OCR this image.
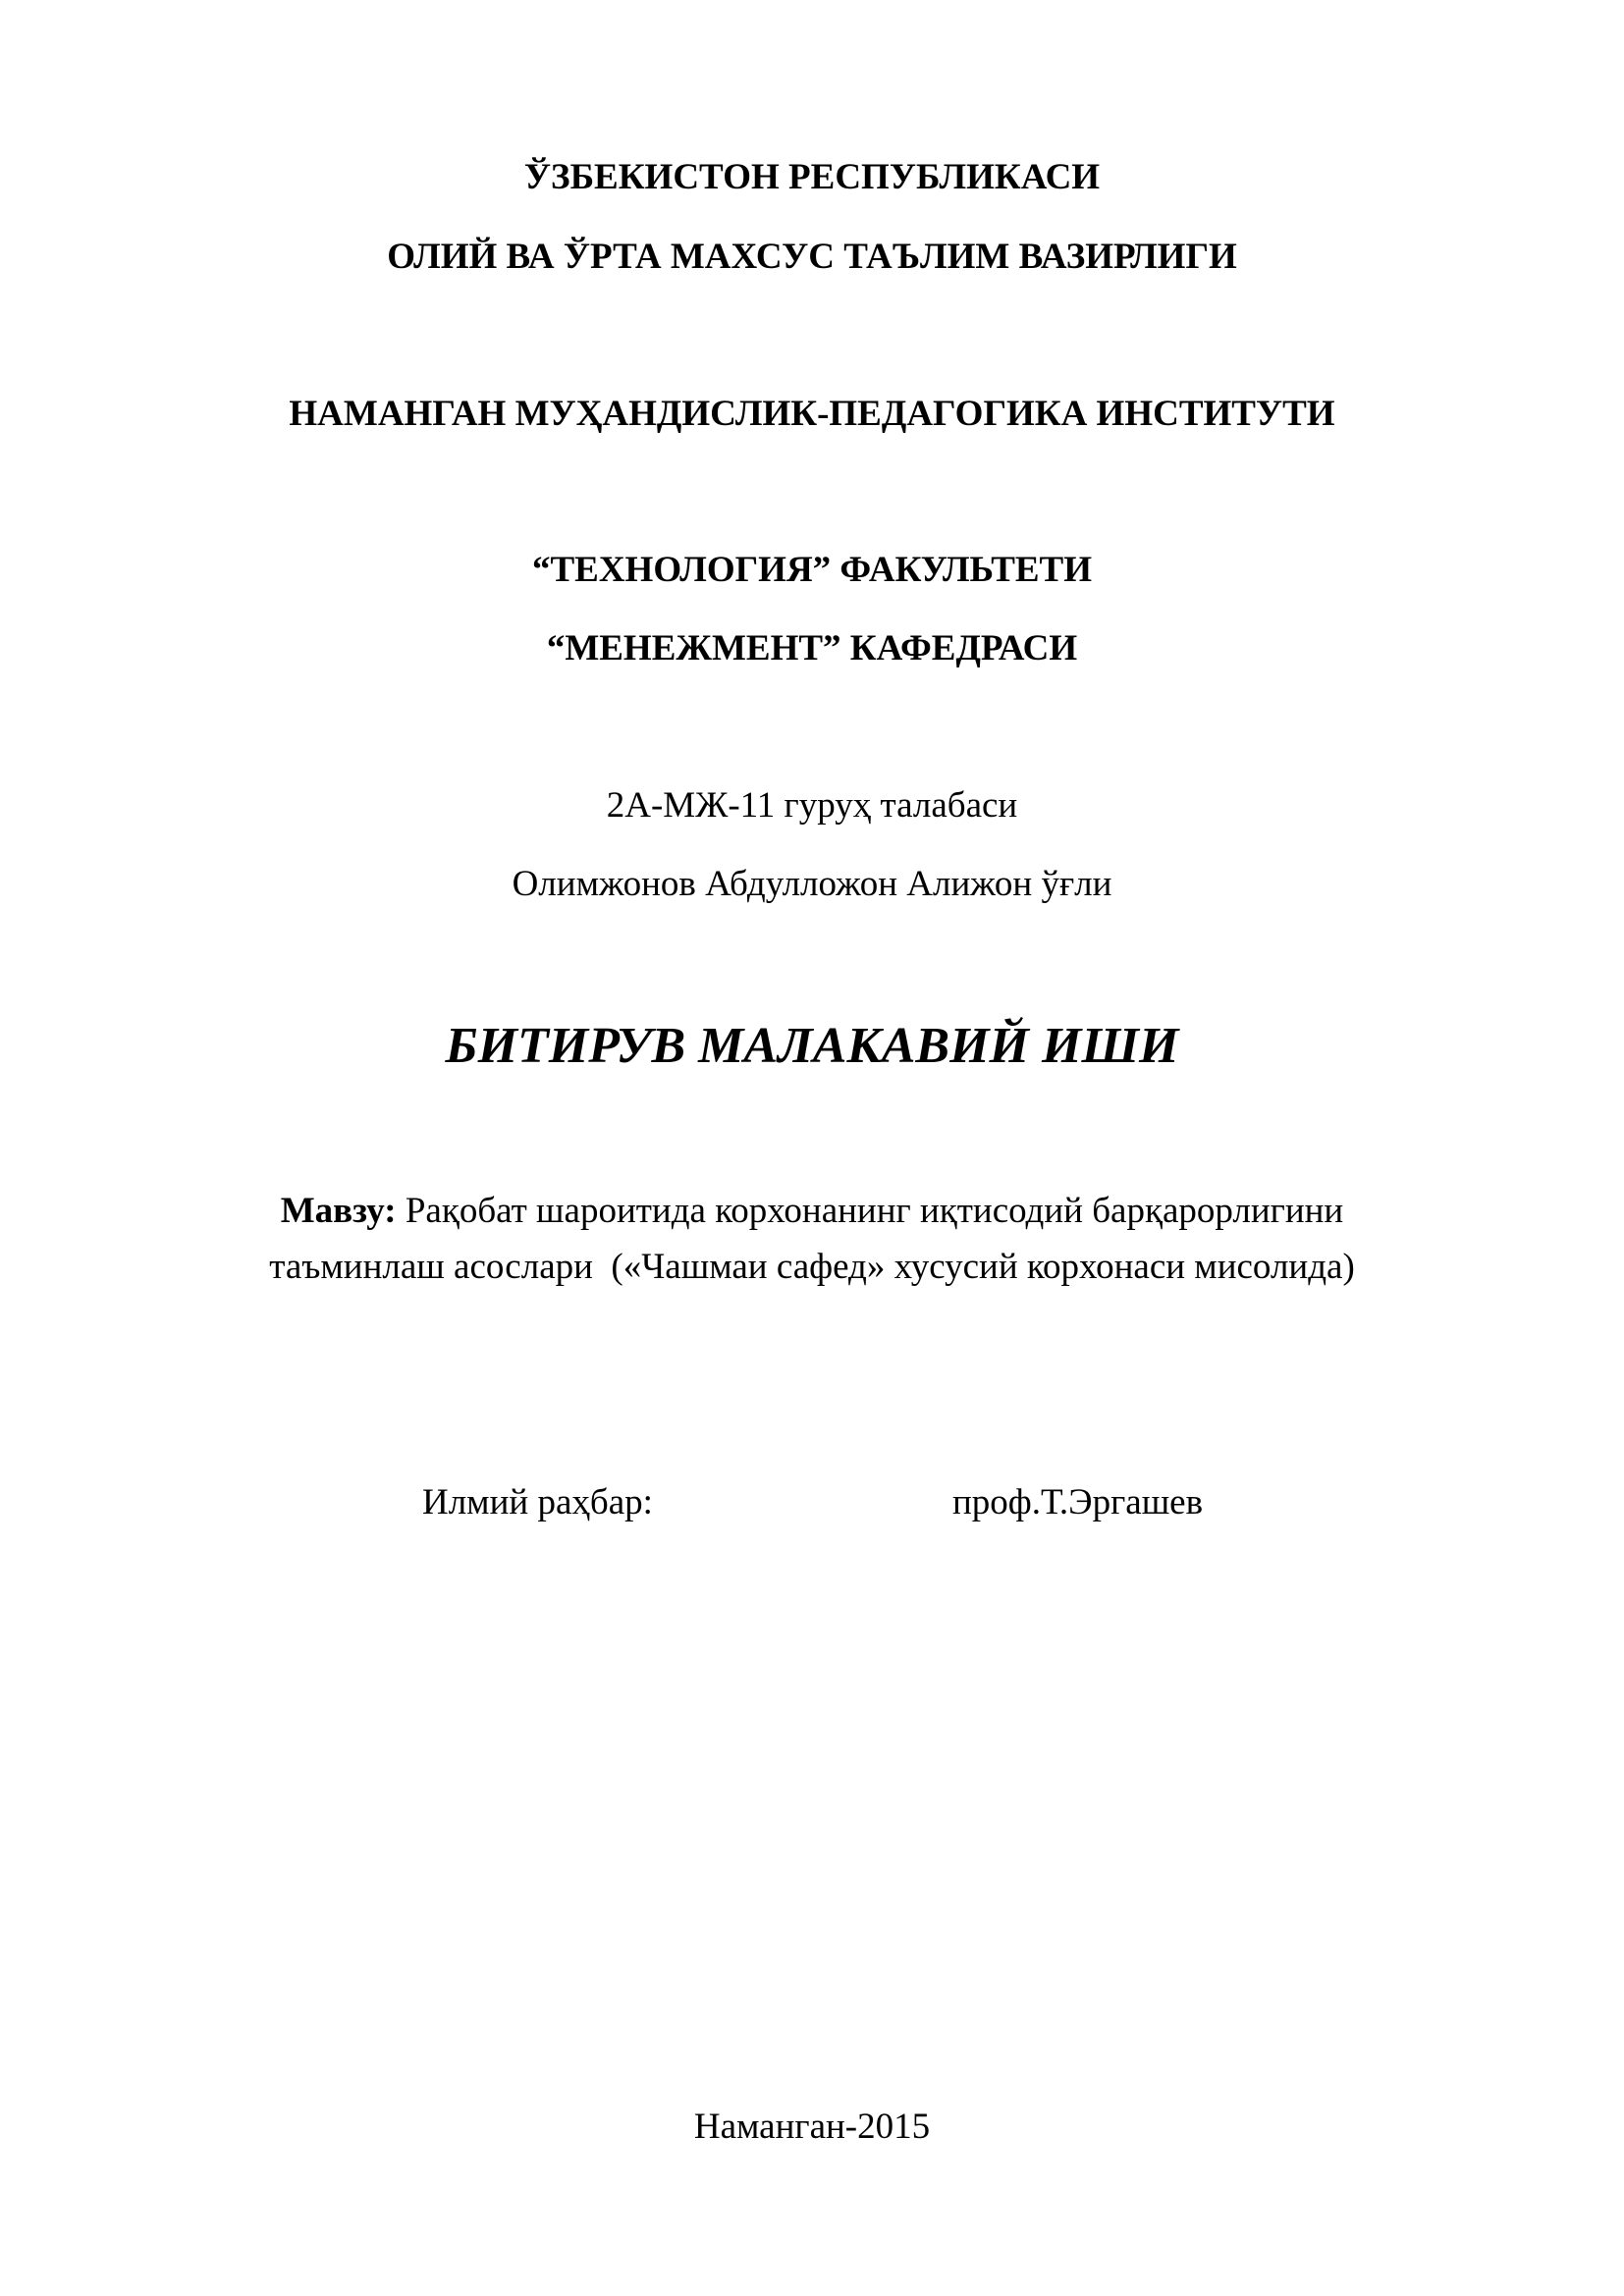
ЎЗБЕКИСТОН РЕСПУБЛИКАСИ
ОЛИЙ ВА ЎРТА МАХСУС ТАЪЛИМ ВАЗИРЛИГИ
НАМАНГАН МУҲАНДИСЛИК-ПЕДАГОГИКА ИНСТИТУТИ
“ТЕХНОЛОГИЯ” ФАКУЛЬТЕТИ
“МЕНЕЖМЕНТ” КАФЕДРАСИ
2А-МЖ-11 гуруҳ талабаси
Олимжонов Абдулложон Алижон ўғли
БИТИРУВ МАЛАКАВИЙ ИШИ
Мавзу: Рақобат шароитида корхонанинг иқтисодий барқарорлигини
таъминлаш асослари  («Чашмаи сафед» хусусий корхонаси мисолида)
Илмий раҳбар:	проф.Т.Эргашев
Наманган-2015
